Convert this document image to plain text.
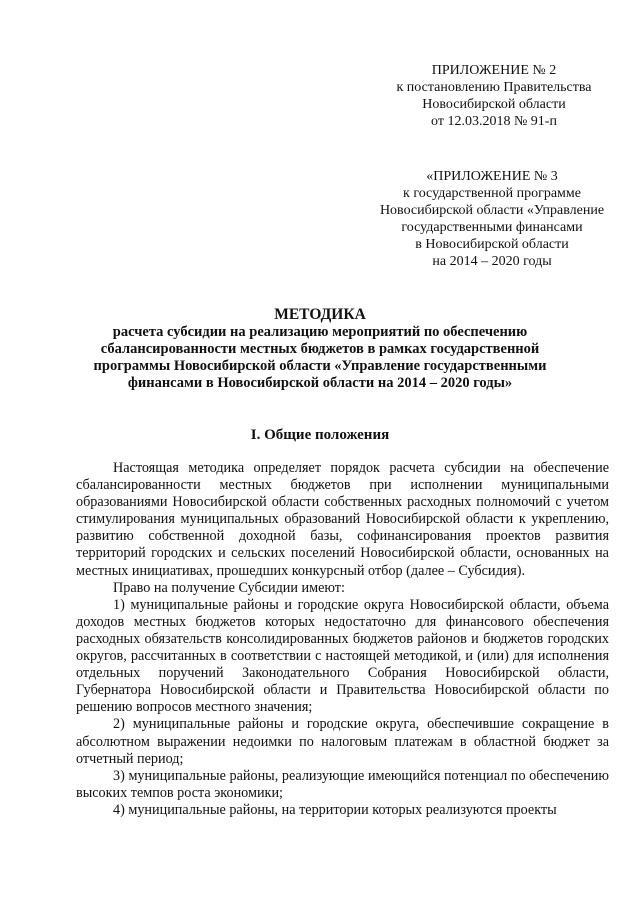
ПРИЛОЖЕНИЕ № 2
к постановлению Правительства
Новосибирской области
от 12.03.2018 № 91-п
«ПРИЛОЖЕНИЕ № 3
к государственной программе
Новосибирской области «Управление
государственными финансами
в Новосибирской области
на 2014 – 2020 годы
МЕТОДИКА
расчета субсидии на реализацию мероприятий по обеспечению
сбалансированности местных бюджетов в рамках государственной
программы Новосибирской области «Управление государственными
финансами в Новосибирской области на 2014 – 2020 годы»
I. Общие положения

Настоящая методика определяет порядок расчета субсидии на обеспечение сбалансированности местных бюджетов при исполнении муниципальными образованиями Новосибирской области собственных расходных полномочий с учетом стимулирования муниципальных образований Новосибирской области к укреплению, развитию собственной доходной базы, софинансирования проектов развития территорий городских и сельских поселений Новосибирской области, основанных на местных инициативах, прошедших конкурсный отбор (далее – Субсидия).

Право на получение Субсидии имеют:

1) муниципальные районы и городские округа Новосибирской области, объема доходов местных бюджетов которых недостаточно для финансового обеспечения расходных обязательств консолидированных бюджетов районов и бюджетов городских округов, рассчитанных в соответствии с настоящей методикой, и (или) для исполнения отдельных поручений Законодательного Собрания Новосибирской области, Губернатора Новосибирской области и Правительства Новосибирской области по решению вопросов местного значения;

2) муниципальные районы и городские округа, обеспечившие сокращение в абсолютном выражении недоимки по налоговым платежам в областной бюджет за отчетный период;

3) муниципальные районы, реализующие имеющийся потенциал по обеспечению высоких темпов роста экономики;

4) муниципальные районы, на территории которых реализуются проекты
